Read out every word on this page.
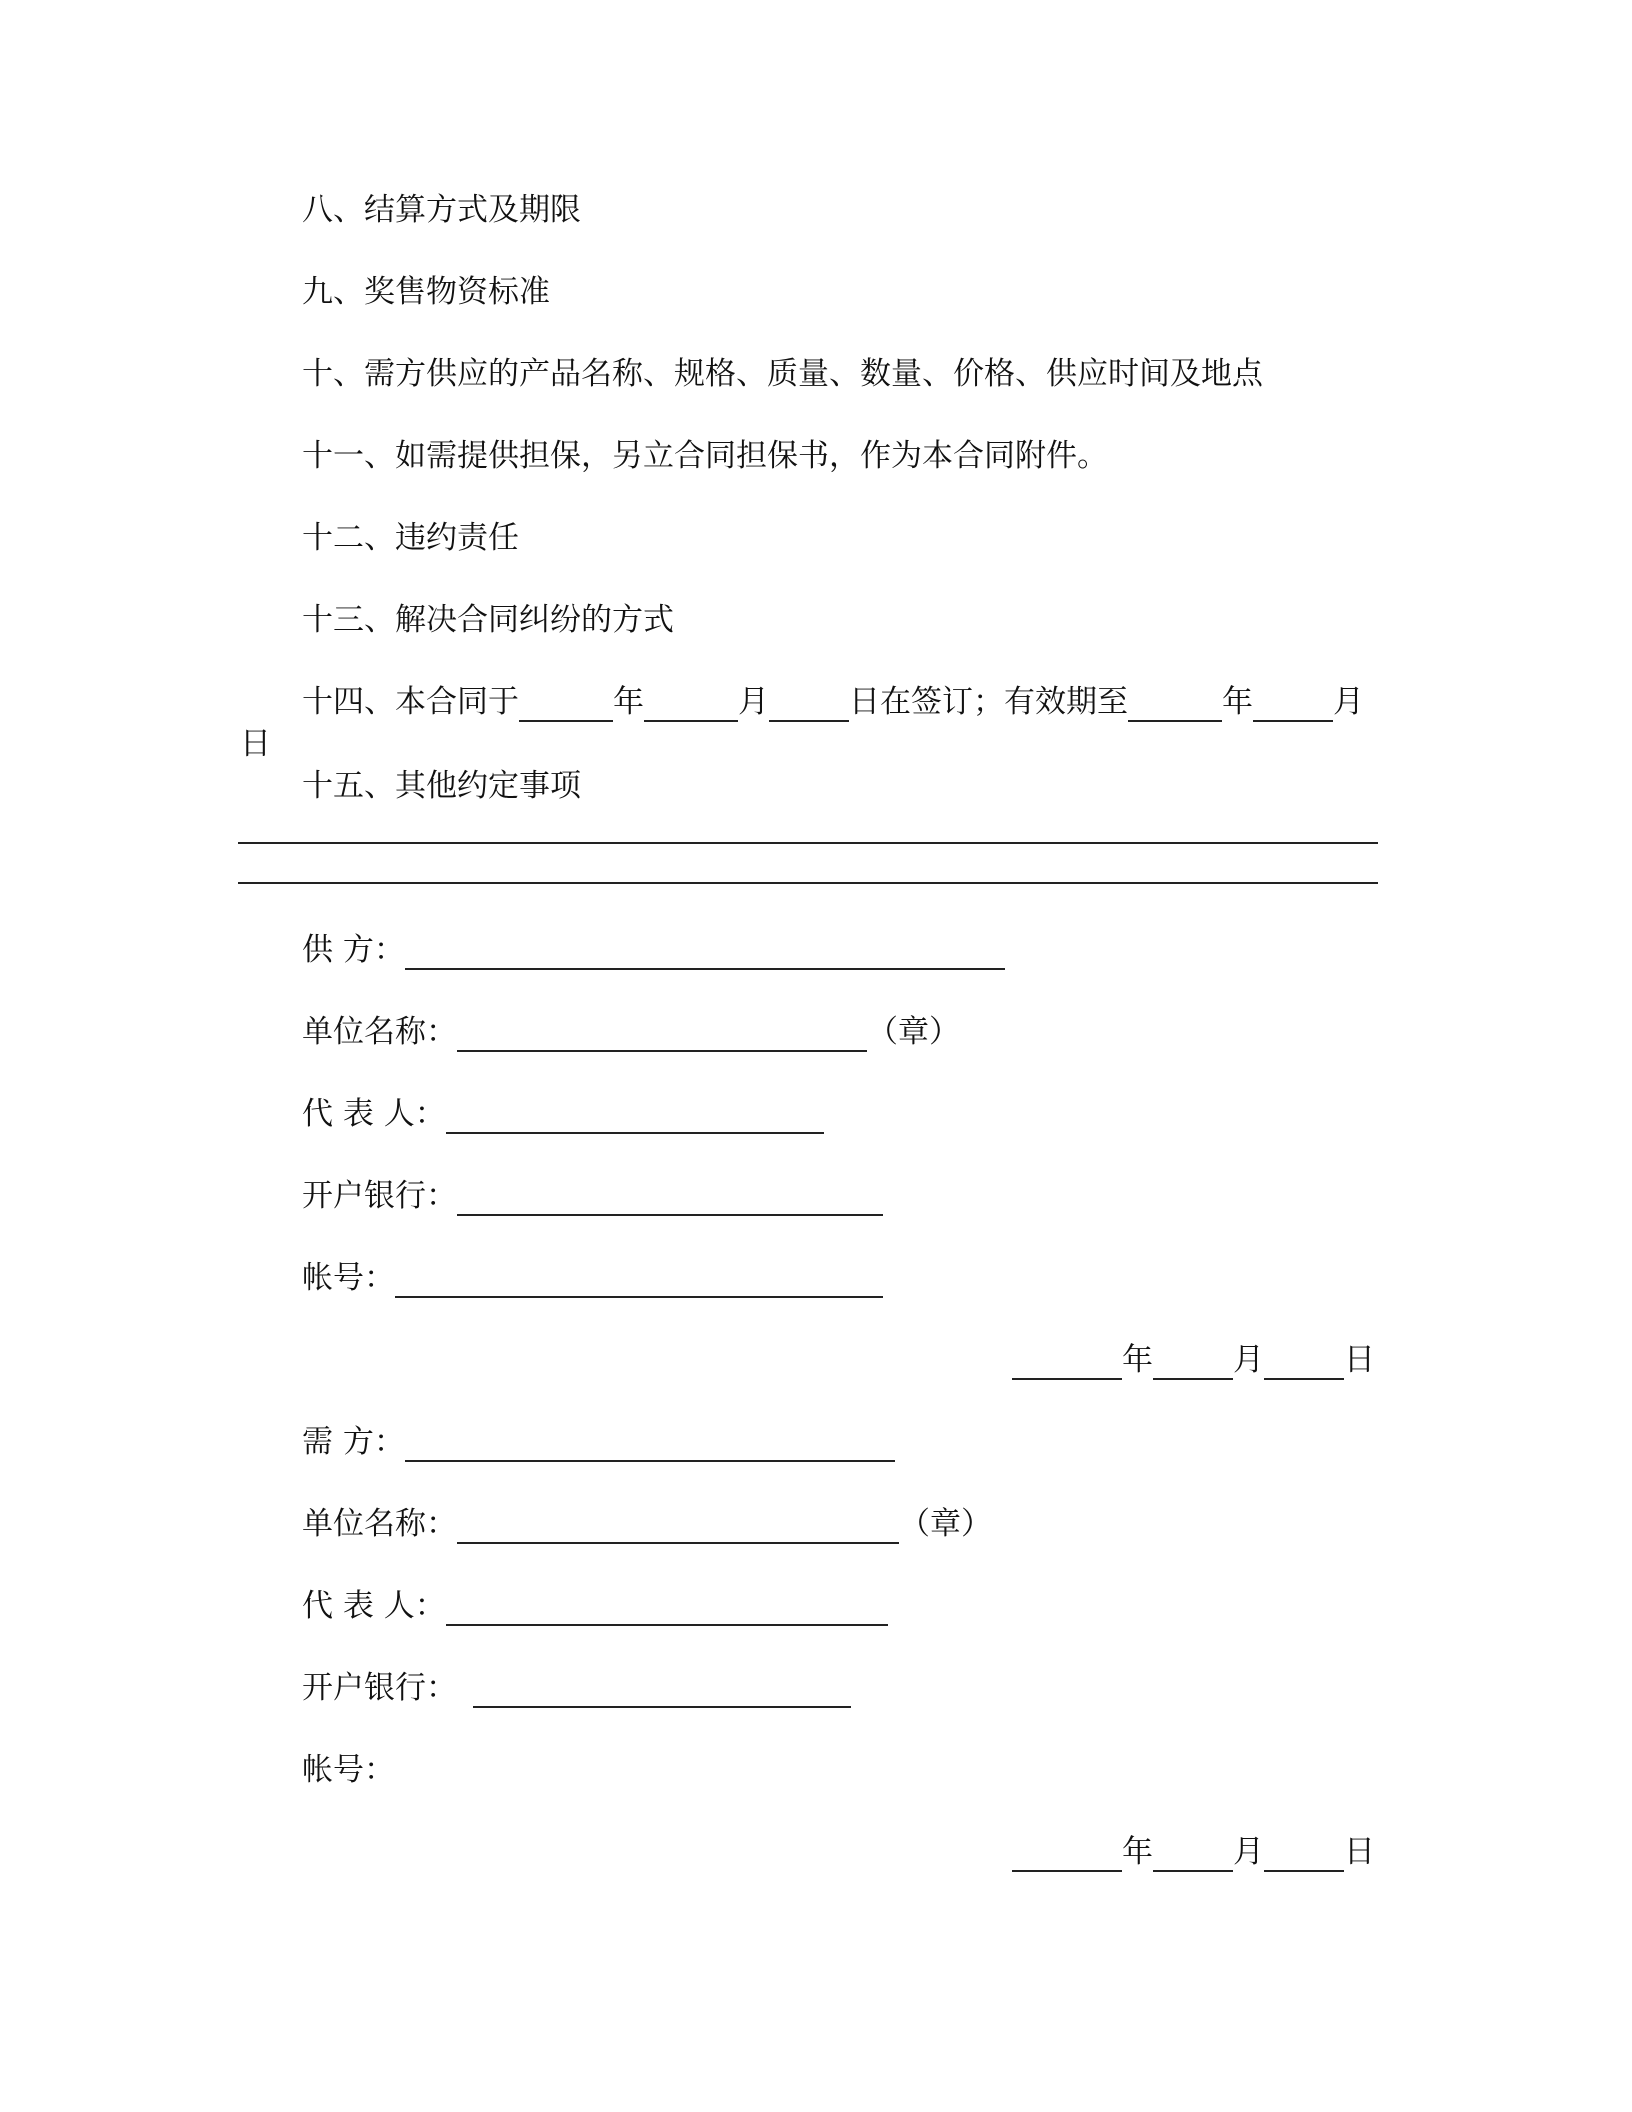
八、结算方式及期限
九、奖售物资标准
十、需方供应的产品名称、规格、质量、数量、价格、供应时间及地点
十一、如需提供担保，另立合同担保书，作为本合同附件。
十二、违约责任
十三、解决合同纠纷的方式
十四、本合同于	年	月	日在签订；有效期至	年	月
日
十五、其他约定事项
供 方：
单位名称：	（章）
代 表 人：
开户银行：
帐号：
年	月	日
需 方：
单位名称：	（章）
代 表 人：
开户银行：
帐号：
年	月	日
